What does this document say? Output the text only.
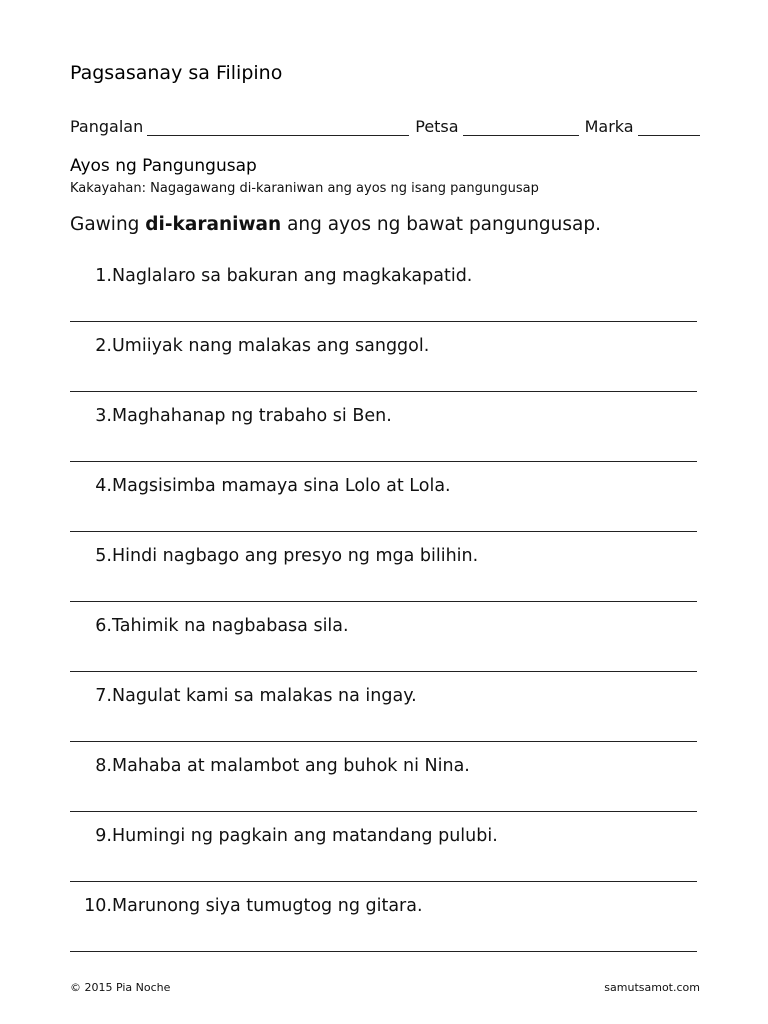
Pagsasanay sa Filipino
Pangalan	Petsa	Marka
Ayos ng Pangungusap
Kakayahan: Nagagawang di-karaniwan ang ayos ng isang pangungusap
Gawing di-karaniwan ang ayos ng bawat pangungusap.
1. Naglalaro sa bakuran ang magkakapatid.
2. Umiiyak nang malakas ang sanggol.
3. Maghahanap ng trabaho si Ben.
4. Magsisimba mamaya sina Lolo at Lola.
5. Hindi nagbago ang presyo ng mga bilihin.
6. Tahimik na nagbabasa sila.
7. Nagulat kami sa malakas na ingay.
8. Mahaba at malambot ang buhok ni Nina.
9. Humingi ng pagkain ang matandang pulubi.
10. Marunong siya tumugtog ng gitara.
© 2015 Pia Noche	samutsamot.com
